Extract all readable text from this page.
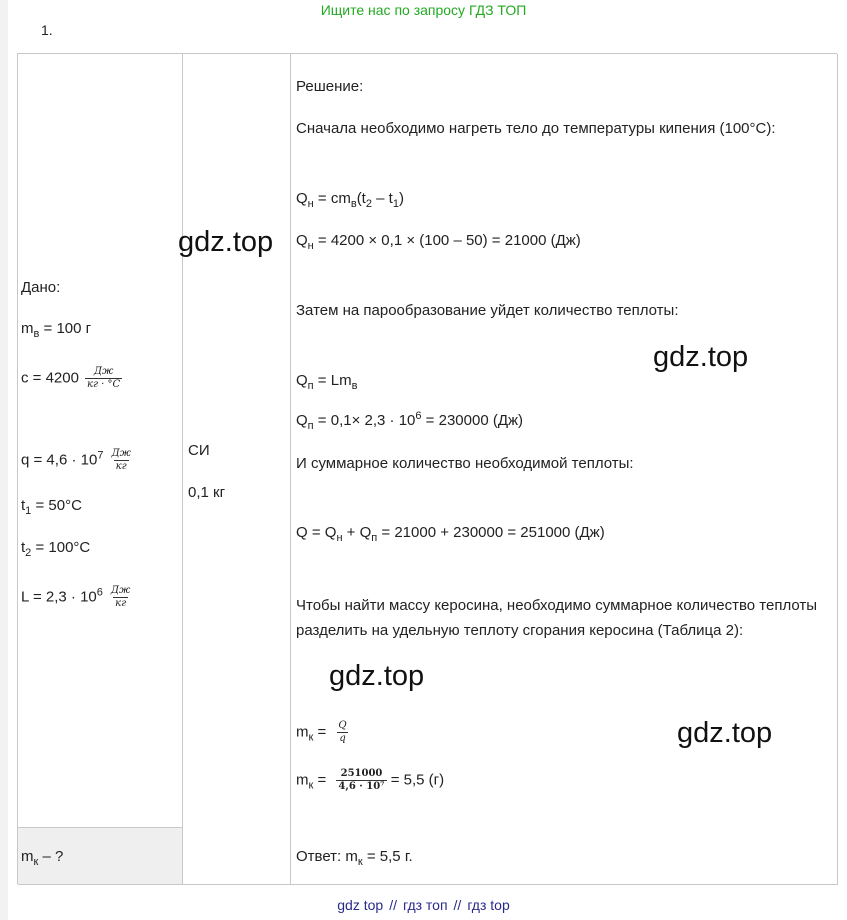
Ищите нас по запросу ГДЗ ТОП
1.
Дано:
$m_в = 100$ г
$c = 4200 \frac{Дж}{кг \cdot ^\circ C}$
$q = 4,6 \cdot 10^7 \frac{Дж}{кг}$
$t_1 = 50^\circ C$
$t_2 = 100^\circ C$
$L = 2,3 \cdot 10^6 \frac{Дж}{кг}$
$m_к$ – ?
СИ
0,1 кг
Решение:
Сначала необходимо нагреть тело до температуры кипения (100°C):
$Q_н = cm_в(t_2 - t_1)$
$Q_н = 4200 \times 0,1 \times (100 - 50) = 21000$ (Дж)
Затем на парообразование уйдет количество теплоты:
$Q_п = Lm_в$
$Q_п = 0,1\times 2,3 \cdot 10^6 = 230000$ (Дж)
И суммарное количество необходимой теплоты:
$Q = Q_н + Q_п = 21000 + 230000 = 251000$ (Дж)
Чтобы найти массу керосина, необходимо суммарное количество теплоты разделить на удельную теплоту сгорания керосина (Таблица 2):
$m_к = \frac{Q}{q}$
$m_к = \frac{251000}{\text{4,6 · 10⁷}} = 5,5$ (г)
Ответ: $m_к = 5,5$ г.
gdz.top
gdz.top
gdz.top
gdz.top
gdz top // гдз топ // гдз top
